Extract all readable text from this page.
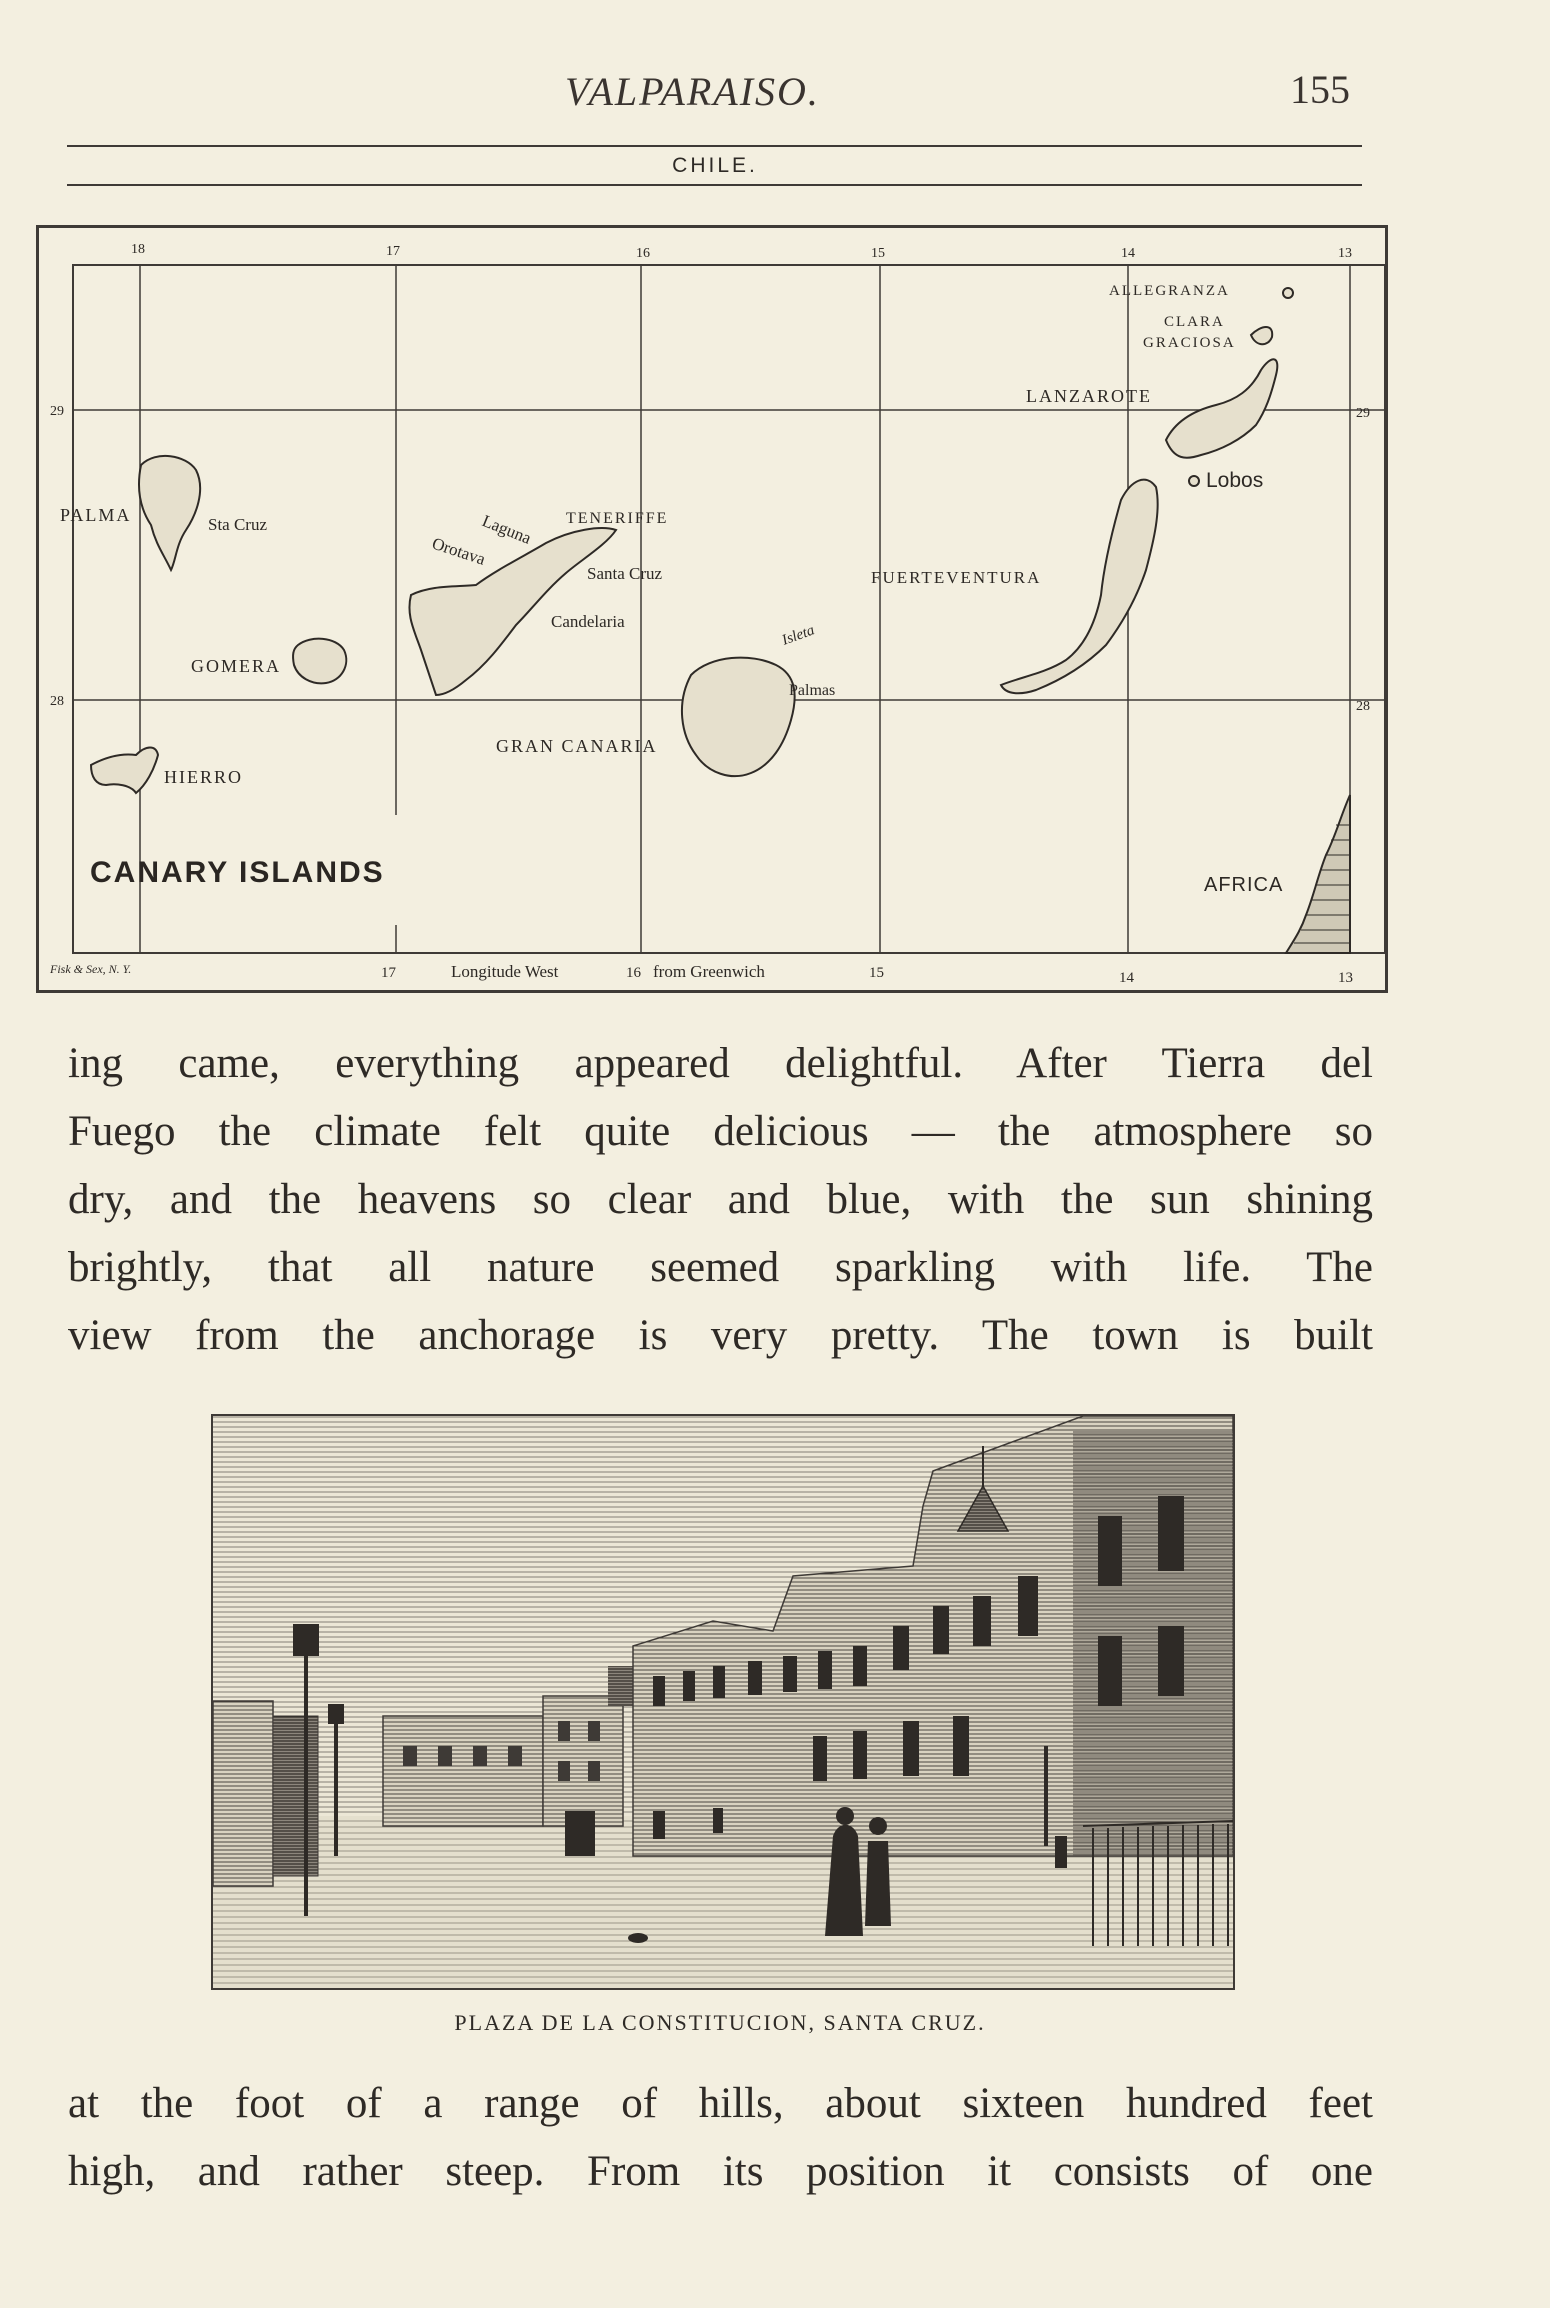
VALPARAISO.	155
CHILE.
18	17	16	15	14	13
29
28
29
28
Fisk & Sex, N. Y.	17	Longitude West	16 from Greenwich	15	14	13
ALLEGRANZA
CLARA
GRACIOSA
LANZAROTE
Lobos
PALMA	Sta Cruz	TENERIFFE
Laguna
Orotava
Santa Cruz
Candelaria
FUERTEVENTURA
Isleta
Palmas
GOMERA
GRAN CANARIA
HIERRO
AFRICA
CANARY ISLANDS
ing came, everything appeared delightful. After Tierra del
Fuego the climate felt quite delicious — the atmosphere so
dry, and the heavens so clear and blue, with the sun shining
brightly, that all nature seemed sparkling with life. The
view from the anchorage is very pretty. The town is built
PLAZA DE LA CONSTITUCION, SANTA CRUZ.
at the foot of a range of hills, about sixteen hundred feet
high, and rather steep. From its position it consists of one
